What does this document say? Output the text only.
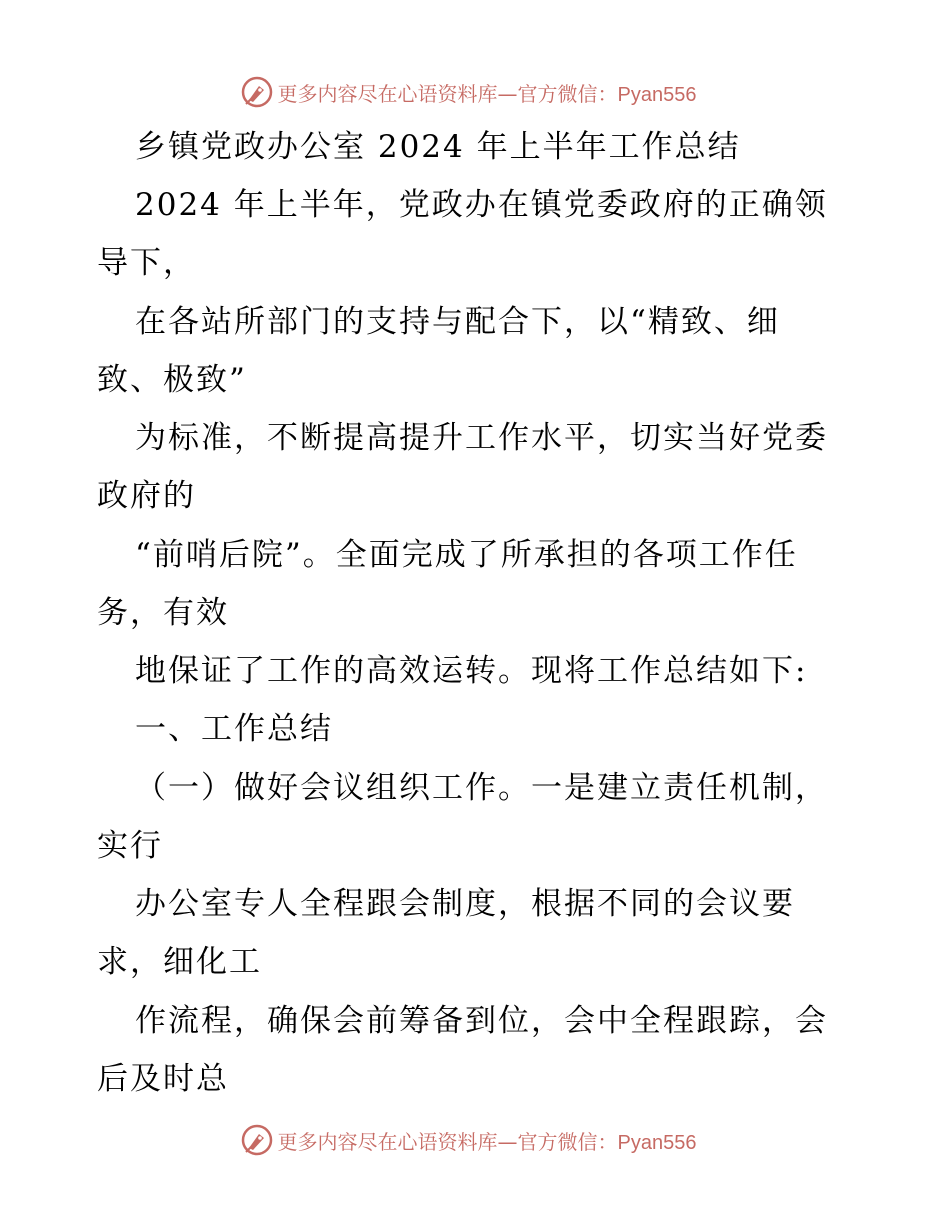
更多内容尽在心语资料库—官方微信：Pyan556
乡镇党政办公室 2024 年上半年工作总结
2024 年上半年，党政办在镇党委政府的正确领
导下，
在各站所部门的支持与配合下，以“精致、细
致、极致”
为标准，不断提高提升工作水平，切实当好党委
政府的
“前哨后院”。全面完成了所承担的各项工作任
务，有效
地保证了工作的高效运转。现将工作总结如下:
一、工作总结
（一）做好会议组织工作。一是建立责任机制，
实行
办公室专人全程跟会制度，根据不同的会议要
求，细化工
作流程，确保会前筹备到位，会中全程跟踪，会
后及时总
更多内容尽在心语资料库—官方微信：Pyan556
